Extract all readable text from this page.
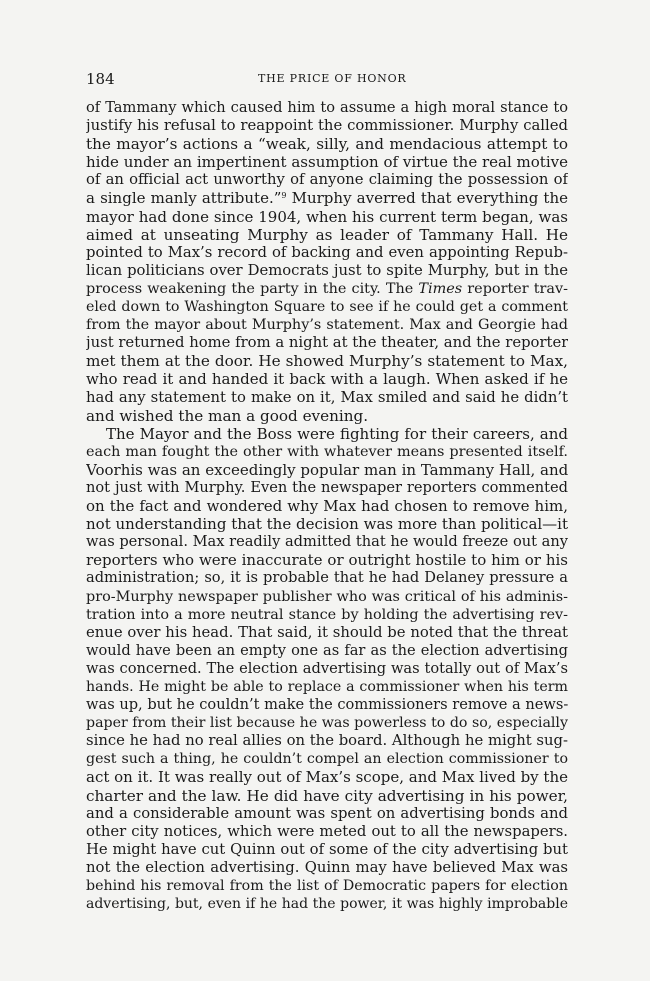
184	THE PRICE OF HONOR
of Tammany which caused him to assume a high moral stance to
justify his refusal to reappoint the commissioner. Murphy called
the mayor’s actions a “weak, silly, and mendacious attempt to
hide under an impertinent assumption of virtue the real motive
of an official act unworthy of anyone claiming the possession of
a single manly attribute.”$^9$ Murphy averred that everything the
mayor had done since 1904, when his current term began, was
aimed at unseating Murphy as leader of Tammany Hall. He
pointed to Max’s record of backing and even appointing Repub-
lican politicians over Democrats just to spite Murphy, but in the
process weakening the party in the city. The Times reporter trav-
eled down to Washington Square to see if he could get a comment
from the mayor about Murphy’s statement. Max and Georgie had
just returned home from a night at the theater, and the reporter
met them at the door. He showed Murphy’s statement to Max,
who read it and handed it back with a laugh. When asked if he
had any statement to make on it, Max smiled and said he didn’t
and wished the man a good evening.
The Mayor and the Boss were fighting for their careers, and
each man fought the other with whatever means presented itself.
Voorhis was an exceedingly popular man in Tammany Hall, and
not just with Murphy. Even the newspaper reporters commented
on the fact and wondered why Max had chosen to remove him,
not understanding that the decision was more than political—it
was personal. Max readily admitted that he would freeze out any
reporters who were inaccurate or outright hostile to him or his
administration; so, it is probable that he had Delaney pressure a
pro-Murphy newspaper publisher who was critical of his adminis-
tration into a more neutral stance by holding the advertising rev-
enue over his head. That said, it should be noted that the threat
would have been an empty one as far as the election advertising
was concerned. The election advertising was totally out of Max’s
hands. He might be able to replace a commissioner when his term
was up, but he couldn’t make the commissioners remove a news-
paper from their list because he was powerless to do so, especially
since he had no real allies on the board. Although he might sug-
gest such a thing, he couldn’t compel an election commissioner to
act on it. It was really out of Max’s scope, and Max lived by the
charter and the law. He did have city advertising in his power,
and a considerable amount was spent on advertising bonds and
other city notices, which were meted out to all the newspapers.
He might have cut Quinn out of some of the city advertising but
not the election advertising. Quinn may have believed Max was
behind his removal from the list of Democratic papers for election
advertising, but, even if he had the power, it was highly improbable
